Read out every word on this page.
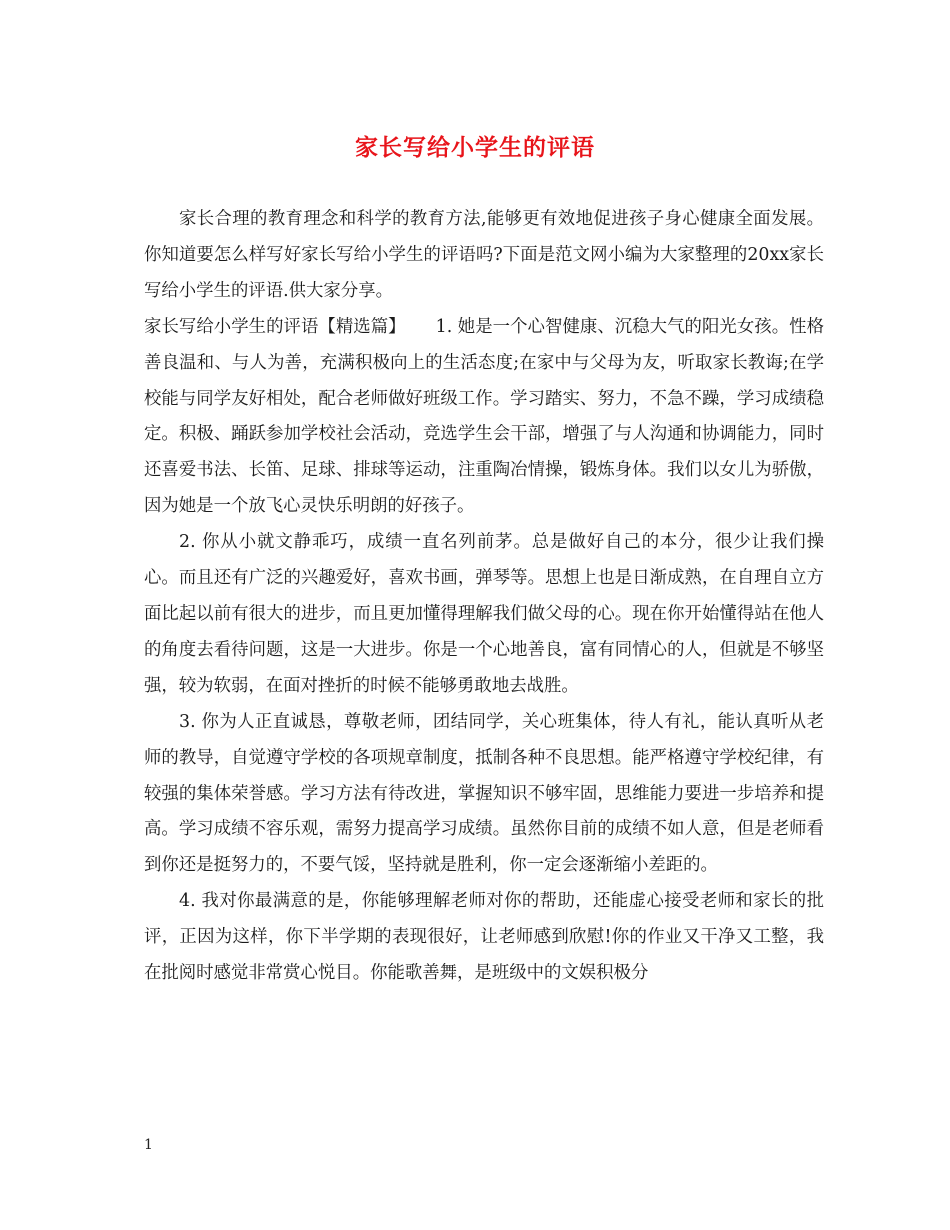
家长写给小学生的评语

家长合理的教育理念和科学的教育方法,能够更有效地促进孩子身心健康全面发展。你知道要怎么样写好家长写给小学生的评语吗?下面是范文网小编为大家整理的20xx家长写给小学生的评语.供大家分享。

家长写给小学生的评语【精选篇】 1. 她是一个心智健康、沉稳大气的阳光女孩。性格善良温和、与人为善，充满积极向上的生活态度;在家中与父母为友，听取家长教诲;在学校能与同学友好相处，配合老师做好班级工作。学习踏实、努力，不急不躁，学习成绩稳定。积极、踊跃参加学校社会活动，竞选学生会干部，增强了与人沟通和协调能力，同时还喜爱书法、长笛、足球、排球等运动，注重陶冶情操，锻炼身体。我们以女儿为骄傲，因为她是一个放飞心灵快乐明朗的好孩子。

2. 你从小就文静乖巧，成绩一直名列前茅。总是做好自己的本分，很少让我们操心。而且还有广泛的兴趣爱好，喜欢书画，弹琴等。思想上也是日渐成熟，在自理自立方面比起以前有很大的进步，而且更加懂得理解我们做父母的心。现在你开始懂得站在他人的角度去看待问题，这是一大进步。你是一个心地善良，富有同情心的人，但就是不够坚强，较为软弱，在面对挫折的时候不能够勇敢地去战胜。

3. 你为人正直诚恳，尊敬老师，团结同学，关心班集体，待人有礼，能认真听从老师的教导，自觉遵守学校的各项规章制度，抵制各种不良思想。能严格遵守学校纪律，有较强的集体荣誉感。学习方法有待改进，掌握知识不够牢固，思维能力要进一步培养和提高。学习成绩不容乐观，需努力提高学习成绩。虽然你目前的成绩不如人意，但是老师看到你还是挺努力的，不要气馁，坚持就是胜利，你一定会逐渐缩小差距的。

4. 我对你最满意的是，你能够理解老师对你的帮助，还能虚心接受老师和家长的批评，正因为这样，你下半学期的表现很好，让老师感到欣慰!你的作业又干净又工整，我在批阅时感觉非常赏心悦目。你能歌善舞，是班级中的文娱积极分

1
